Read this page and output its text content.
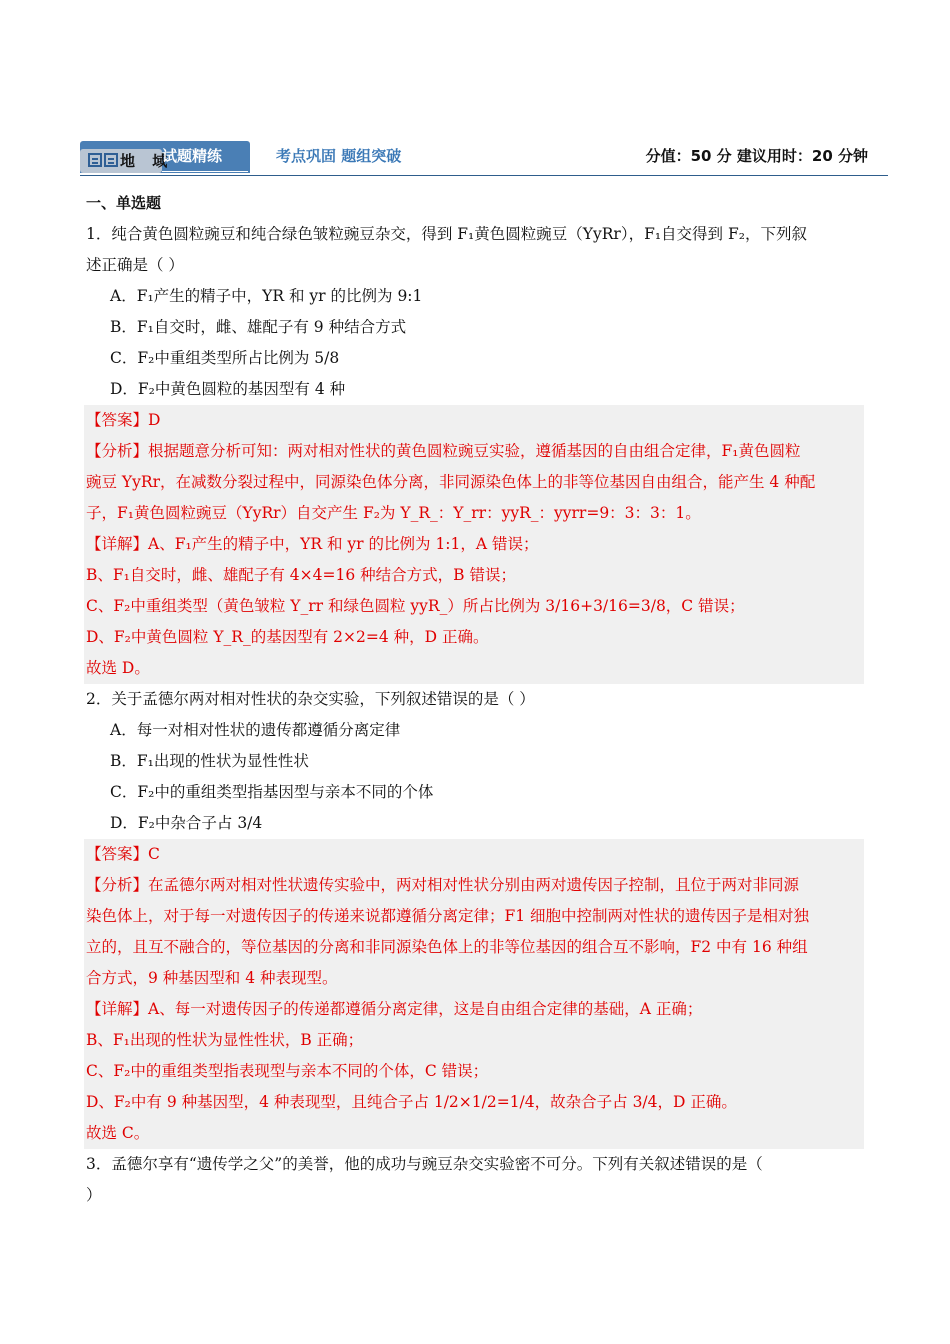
地 域
试题精练	考点巩固 题组突破	分值：50 分 建议用时：20 分钟
一、单选题
1．纯合黄色圆粒豌豆和纯合绿色皱粒豌豆杂交，得到 F₁黄色圆粒豌豆（YyRr），F₁自交得到 F₂，下列叙
述正确是（ ）
A．F₁产生的精子中，YR 和 yr 的比例为 9:1
B．F₁自交时，雌、雄配子有 9 种结合方式
C．F₂中重组类型所占比例为 5/8
D．F₂中黄色圆粒的基因型有 4 种
【答案】D
【分析】根据题意分析可知：两对相对性状的黄色圆粒豌豆实验，遵循基因的自由组合定律，F₁黄色圆粒
豌豆 YyRr，在减数分裂过程中，同源染色体分离，非同源染色体上的非等位基因自由组合，能产生 4 种配
子，F₁黄色圆粒豌豆（YyRr）自交产生 F₂为 Y_R_：Y_rr：yyR_：yyrr=9：3：3：1。
【详解】A、F₁产生的精子中，YR 和 yr 的比例为 1:1，A 错误；
B、F₁自交时，雌、雄配子有 4×4=16 种结合方式，B 错误；
C、F₂中重组类型（黄色皱粒 Y_rr 和绿色圆粒 yyR_）所占比例为 3/16+3/16=3/8，C 错误；
D、F₂中黄色圆粒 Y_R_的基因型有 2×2=4 种，D 正确。
故选 D。
2．关于孟德尔两对相对性状的杂交实验，下列叙述错误的是（ ）
A．每一对相对性状的遗传都遵循分离定律
B．F₁出现的性状为显性性状
C．F₂中的重组类型指基因型与亲本不同的个体
D．F₂中杂合子占 3/4
【答案】C
【分析】在孟德尔两对相对性状遗传实验中，两对相对性状分别由两对遗传因子控制，且位于两对非同源
染色体上，对于每一对遗传因子的传递来说都遵循分离定律；F1 细胞中控制两对性状的遗传因子是相对独
立的，且互不融合的，等位基因的分离和非同源染色体上的非等位基因的组合互不影响，F2 中有 16 种组
合方式，9 种基因型和 4 种表现型。
【详解】A、每一对遗传因子的传递都遵循分离定律，这是自由组合定律的基础，A 正确；
B、F₁出现的性状为显性性状，B 正确；
C、F₂中的重组类型指表现型与亲本不同的个体，C 错误；
D、F₂中有 9 种基因型，4 种表现型，且纯合子占 1/2×1/2=1/4，故杂合子占 3/4，D 正确。
故选 C。
3．孟德尔享有“遗传学之父”的美誉，他的成功与豌豆杂交实验密不可分。下列有关叙述错误的是（
）
